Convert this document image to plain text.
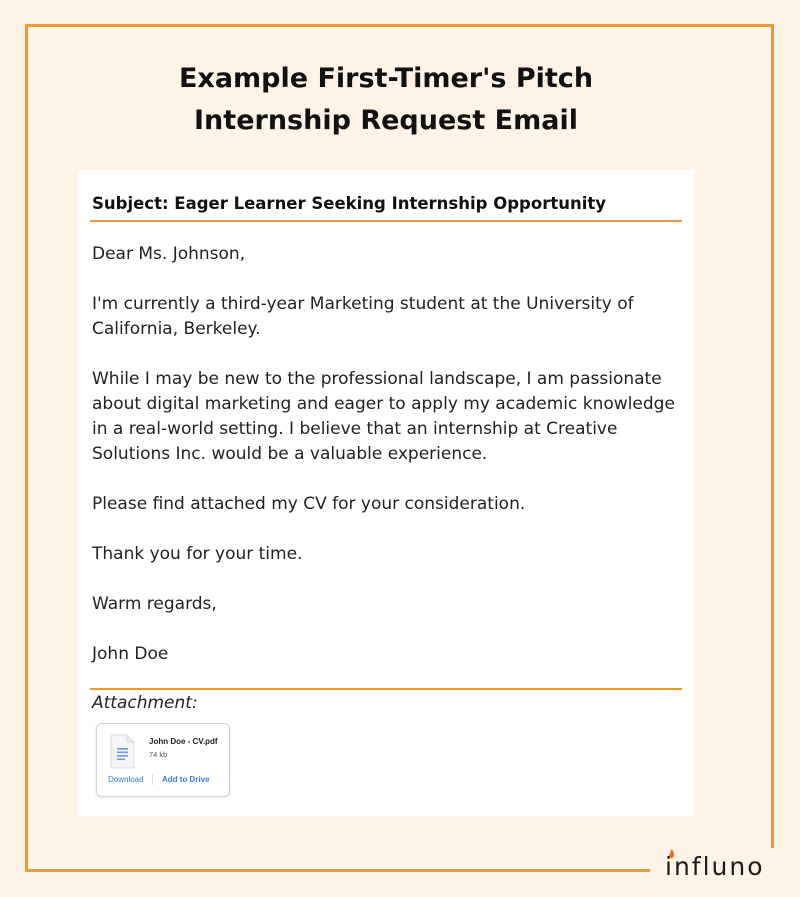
Example First-Timer's Pitch
Internship Request Email
Subject: Eager Learner Seeking Internship Opportunity

Dear Ms. Johnson,

I'm currently a third-year Marketing student at the University of California, Berkeley.

While I may be new to the professional landscape, I am passionate about digital marketing and eager to apply my academic knowledge in a real-world setting. I believe that an internship at Creative Solutions Inc. would be a valuable experience.

Please find attached my CV for your consideration.

Thank you for your time.

Warm regards,

John Doe

Attachment:
John Doe - CV.pdf
74 kb
Download Add to Drive
influno
